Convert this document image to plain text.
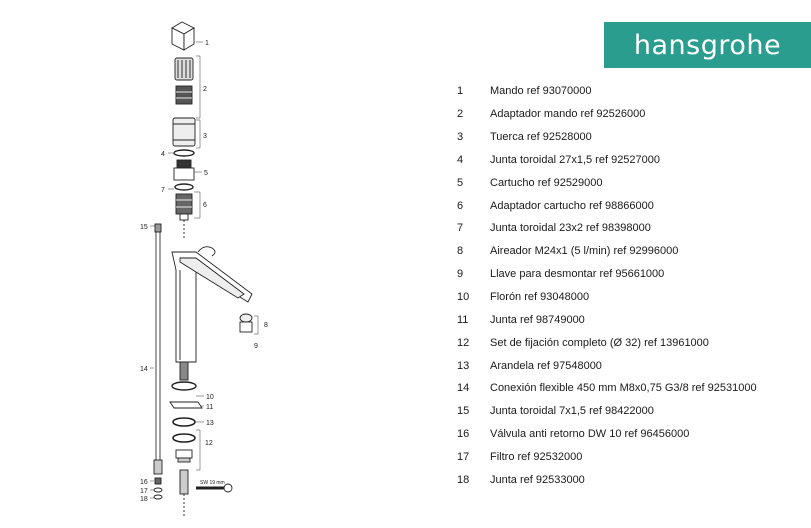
1
2
3
4
5
6
7
8
9
10
11
12
13
14
15
16
17
18
SW 19 mm
hansgrohe
1	Mando ref 93070000
2	Adaptador mando ref 92526000
3	Tuerca ref 92528000
4	Junta toroidal 27x1,5 ref 92527000
5	Cartucho ref 92529000
6	Adaptador cartucho ref 98866000
7	Junta toroidal 23x2 ref 98398000
8	Aireador M24x1 (5 l/min) ref 92996000
9	Llave para desmontar ref 95661000
10	Florón ref 93048000
11	Junta ref 98749000
12	Set de fijación completo (Ø 32) ref 13961000
13	Arandela ref 97548000
14	Conexión flexible 450 mm M8x0,75 G3/8 ref 92531000
15	Junta toroidal 7x1,5 ref 98422000
16	Válvula anti retorno DW 10 ref 96456000
17	Filtro ref 92532000
18	Junta ref 92533000
